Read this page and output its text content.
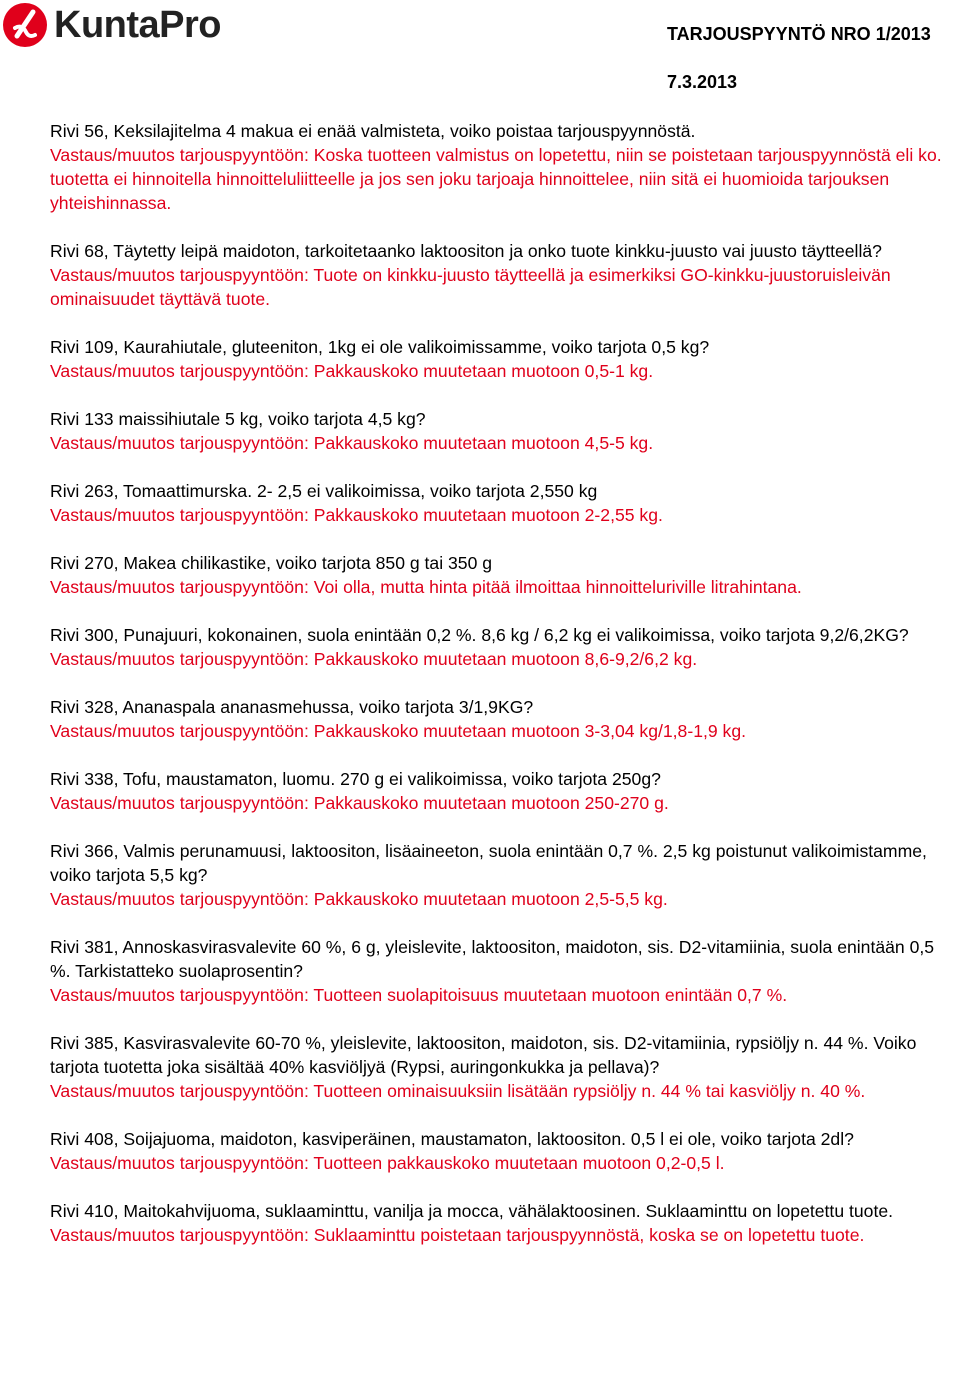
KuntaPro	TARJOUSPYYNTÖ NRO 1/2013
7.3.2013

Rivi 56, Keksilajitelma 4 makua ei enää valmisteta, voiko poistaa tarjouspyynnöstä.

Vastaus/muutos tarjouspyyntöön: Koska tuotteen valmistus on lopetettu, niin se poistetaan tarjouspyynnöstä eli ko. tuotetta ei hinnoitella hinnoitteluliitteelle ja jos sen joku tarjoaja hinnoittelee, niin sitä ei huomioida tarjouksen yhteishinnassa.

Rivi 68, Täytetty leipä maidoton, tarkoitetaanko laktoositon ja onko tuote kinkku-juusto vai juusto täytteellä?

Vastaus/muutos tarjouspyyntöön: Tuote on kinkku-juusto täytteellä ja esimerkiksi GO-kinkku-juustoruisleivän ominaisuudet täyttävä tuote.

Rivi 109, Kaurahiutale, gluteeniton, 1kg ei ole valikoimissamme, voiko tarjota 0,5 kg?

Vastaus/muutos tarjouspyyntöön: Pakkauskoko muutetaan muotoon 0,5-1 kg.

Rivi 133 maissihiutale 5 kg, voiko tarjota 4,5 kg?

Vastaus/muutos tarjouspyyntöön: Pakkauskoko muutetaan muotoon 4,5-5 kg.

Rivi 263, Tomaattimurska. 2- 2,5 ei valikoimissa, voiko tarjota 2,550 kg

Vastaus/muutos tarjouspyyntöön: Pakkauskoko muutetaan muotoon 2-2,55 kg.

Rivi 270, Makea chilikastike, voiko tarjota 850 g tai 350 g

Vastaus/muutos tarjouspyyntöön: Voi olla, mutta hinta pitää ilmoittaa hinnoitteluriville litrahintana.

Rivi 300, Punajuuri, kokonainen, suola enintään 0,2 %. 8,6 kg / 6,2 kg ei valikoimissa, voiko tarjota 9,2/6,2KG?

Vastaus/muutos tarjouspyyntöön: Pakkauskoko muutetaan muotoon 8,6-9,2/6,2 kg.

Rivi 328, Ananaspala ananasmehussa, voiko tarjota 3/1,9KG?

Vastaus/muutos tarjouspyyntöön: Pakkauskoko muutetaan muotoon 3-3,04 kg/1,8-1,9 kg.

Rivi 338, Tofu, maustamaton, luomu. 270 g ei valikoimissa, voiko tarjota 250g?

Vastaus/muutos tarjouspyyntöön: Pakkauskoko muutetaan muotoon 250-270 g.

Rivi 366, Valmis perunamuusi, laktoositon, lisäaineeton, suola enintään 0,7 %. 2,5 kg poistunut valikoimistamme, voiko tarjota 5,5 kg?

Vastaus/muutos tarjouspyyntöön: Pakkauskoko muutetaan muotoon 2,5-5,5 kg.

Rivi 381, Annoskasvirasvalevite 60 %, 6 g, yleislevite, laktoositon, maidoton, sis. D2-vitamiinia, suola enintään 0,5 %. Tarkistatteko suolaprosentin?

Vastaus/muutos tarjouspyyntöön: Tuotteen suolapitoisuus muutetaan muotoon enintään 0,7 %.

Rivi 385, Kasvirasvalevite 60-70 %, yleislevite, laktoositon, maidoton, sis. D2-vitamiinia, rypsiöljy n. 44 %. Voiko tarjota tuotetta joka sisältää 40% kasviöljyä (Rypsi, auringonkukka ja pellava)?

Vastaus/muutos tarjouspyyntöön: Tuotteen ominaisuuksiin lisätään rypsiöljy n. 44 % tai kasviöljy n. 40 %.

Rivi 408, Soijajuoma, maidoton, kasviperäinen, maustamaton, laktoositon. 0,5 l ei ole, voiko tarjota 2dl?

Vastaus/muutos tarjouspyyntöön: Tuotteen pakkauskoko muutetaan muotoon 0,2-0,5 l.

Rivi 410, Maitokahvijuoma, suklaaminttu, vanilja ja mocca, vähälaktoosinen. Suklaaminttu on lopetettu tuote.

Vastaus/muutos tarjouspyyntöön: Suklaaminttu poistetaan tarjouspyynnöstä, koska se on lopetettu tuote.
